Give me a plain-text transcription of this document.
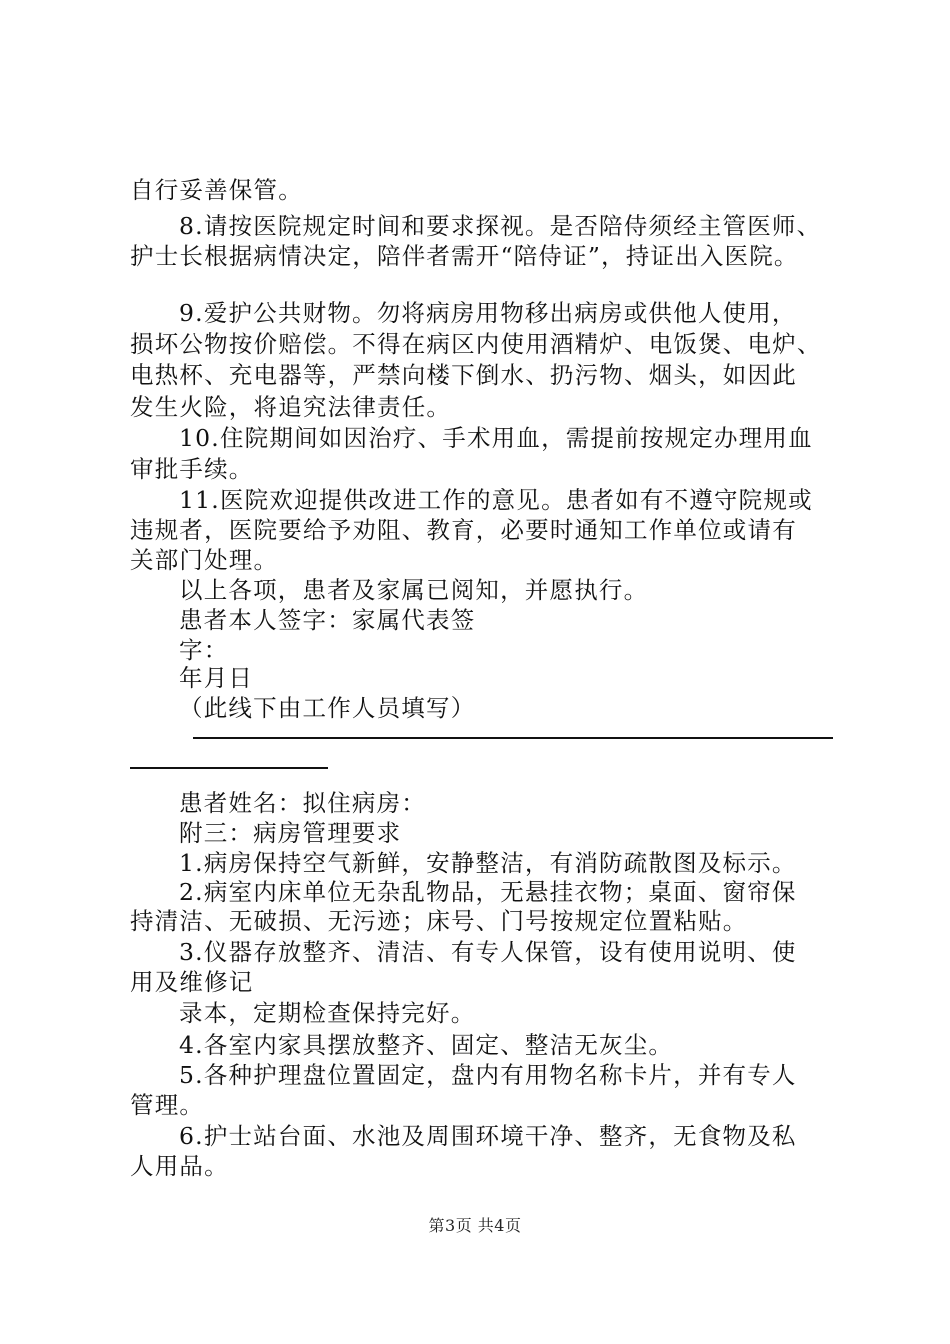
自行妥善保管。
8.请按医院规定时间和要求探视。是否陪侍须经主管医师、
护士长根据病情决定，陪伴者需开“陪侍证”，持证出入医院。
9.爱护公共财物。勿将病房用物移出病房或供他人使用，
损坏公物按价赔偿。不得在病区内使用酒精炉、电饭煲、电炉、
电热杯、充电器等，严禁向楼下倒水、扔污物、烟头，如因此
发生火险，将追究法律责任。
10.住院期间如因治疗、手术用血，需提前按规定办理用血
审批手续。
11.医院欢迎提供改进工作的意见。患者如有不遵守院规或
违规者，医院要给予劝阻、教育，必要时通知工作单位或请有
关部门处理。
以上各项，患者及家属已阅知，并愿执行。
患者本人签字：家属代表签
字：
年月日
（此线下由工作人员填写）
患者姓名：拟住病房：
附三：病房管理要求
1.病房保持空气新鲜，安静整洁，有消防疏散图及标示。
2.病室内床单位无杂乱物品，无悬挂衣物；桌面、窗帘保
持清洁、无破损、无污迹；床号、门号按规定位置粘贴。
3.仪器存放整齐、清洁、有专人保管，设有使用说明、使
用及维修记
录本，定期检查保持完好。
4.各室内家具摆放整齐、固定、整洁无灰尘。
5.各种护理盘位置固定，盘内有用物名称卡片，并有专人
管理。
6.护士站台面、水池及周围环境干净、整齐，无食物及私
人用品。
第3页 共4页
